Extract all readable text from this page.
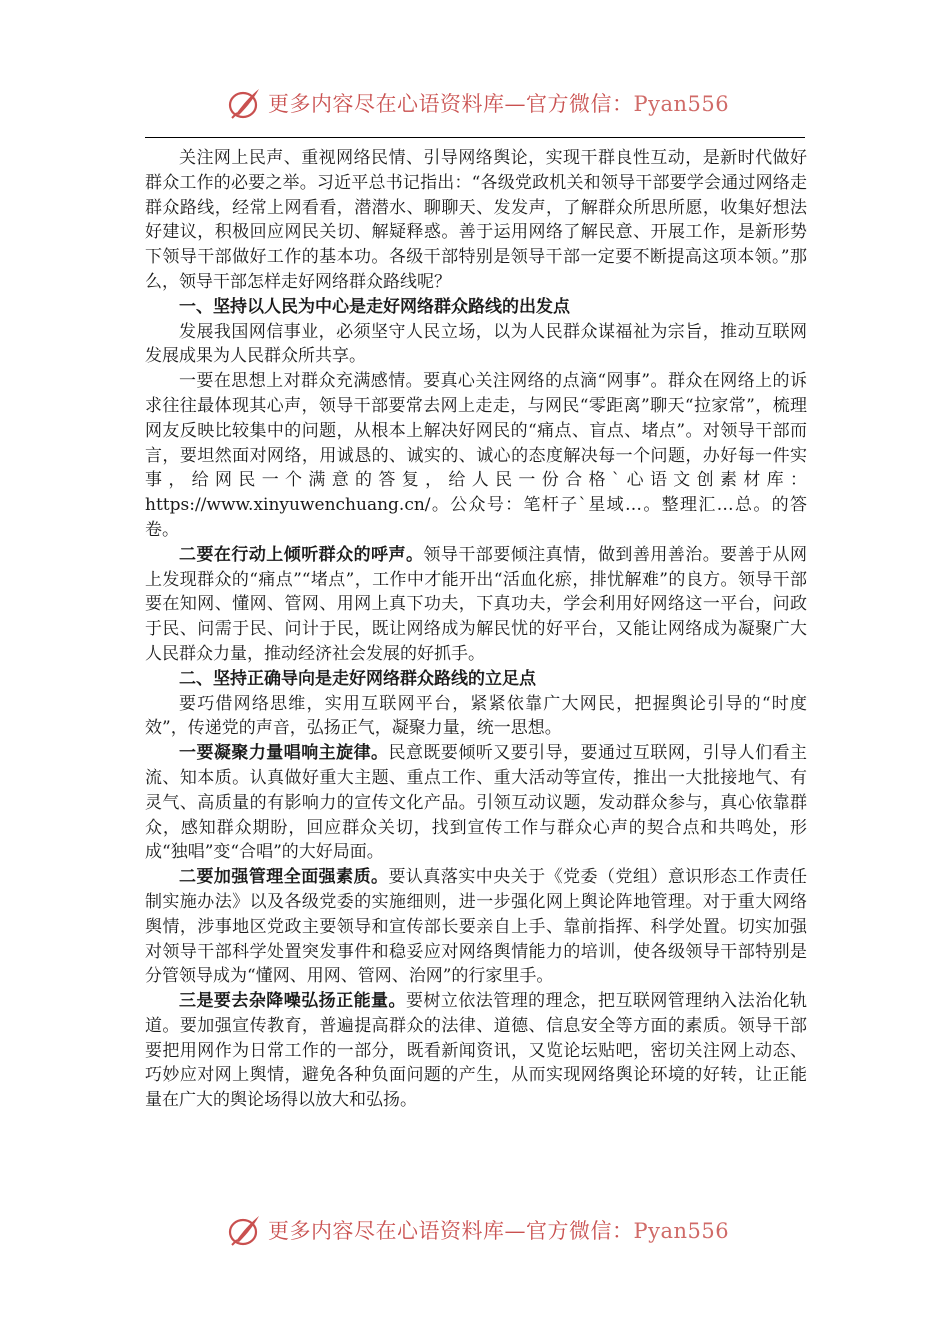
更多内容尽在心语资料库—官方微信：Pyan556

关注网上民声、重视网络民情、引导网络舆论，实现干群良性互动，是新时代做好群众工作的必要之举。习近平总书记指出：“各级党政机关和领导干部要学会通过网络走群众路线，经常上网看看，潜潜水、聊聊天、发发声，了解群众所思所愿，收集好想法好建议，积极回应网民关切、解疑释惑。善于运用网络了解民意、开展工作，是新形势下领导干部做好工作的基本功。各级干部特别是领导干部一定要不断提高这项本领。”那么，领导干部怎样走好网络群众路线呢？

一、坚持以人民为中心是走好网络群众路线的出发点

发展我国网信事业，必须坚守人民立场，以为人民群众谋福祉为宗旨，推动互联网发展成果为人民群众所共享。

一要在思想上对群众充满感情。要真心关注网络的点滴“网事”。群众在网络上的诉求往往最体现其心声，领导干部要常去网上走走，与网民“零距离”聊天“拉家常”，梳理网友反映比较集中的问题，从根本上解决好网民的“痛点、盲点、堵点”。对领导干部而言，要坦然面对网络，用诚恳的、诚实的、诚心的态度解决每一个问题，办好每一件实事，给网民一个满意的答复，给人民一份合格`心语文创素材库：https://www.xinyuwenchuang.cn/。公众号：笔杆子`星域…。整理汇…总。的答卷。

二要在行动上倾听群众的呼声。领导干部要倾注真情，做到善用善治。要善于从网上发现群众的“痛点”“堵点”，工作中才能开出“活血化瘀，排忧解难”的良方。领导干部要在知网、懂网、管网、用网上真下功夫，下真功夫，学会利用好网络这一平台，问政于民、问需于民、问计于民，既让网络成为解民忧的好平台，又能让网络成为凝聚广大人民群众力量，推动经济社会发展的好抓手。

二、坚持正确导向是走好网络群众路线的立足点

要巧借网络思维，实用互联网平台，紧紧依靠广大网民，把握舆论引导的“时度效”，传递党的声音，弘扬正气，凝聚力量，统一思想。

一要凝聚力量唱响主旋律。民意既要倾听又要引导，要通过互联网，引导人们看主流、知本质。认真做好重大主题、重点工作、重大活动等宣传，推出一大批接地气、有灵气、高质量的有影响力的宣传文化产品。引领互动议题，发动群众参与，真心依靠群众，感知群众期盼，回应群众关切，找到宣传工作与群众心声的契合点和共鸣处，形成“独唱”变“合唱”的大好局面。

二要加强管理全面强素质。要认真落实中央关于《党委（党组）意识形态工作责任制实施办法》以及各级党委的实施细则，进一步强化网上舆论阵地管理。对于重大网络舆情，涉事地区党政主要领导和宣传部长要亲自上手、靠前指挥、科学处置。切实加强对领导干部科学处置突发事件和稳妥应对网络舆情能力的培训，使各级领导干部特别是分管领导成为“懂网、用网、管网、治网”的行家里手。

三是要去杂降噪弘扬正能量。要树立依法管理的理念，把互联网管理纳入法治化轨道。要加强宣传教育，普遍提高群众的法律、道德、信息安全等方面的素质。领导干部要把用网作为日常工作的一部分，既看新闻资讯，又览论坛贴吧，密切关注网上动态、巧妙应对网上舆情，避免各种负面问题的产生，从而实现网络舆论环境的好转，让正能量在广大的舆论场得以放大和弘扬。

更多内容尽在心语资料库—官方微信：Pyan556
